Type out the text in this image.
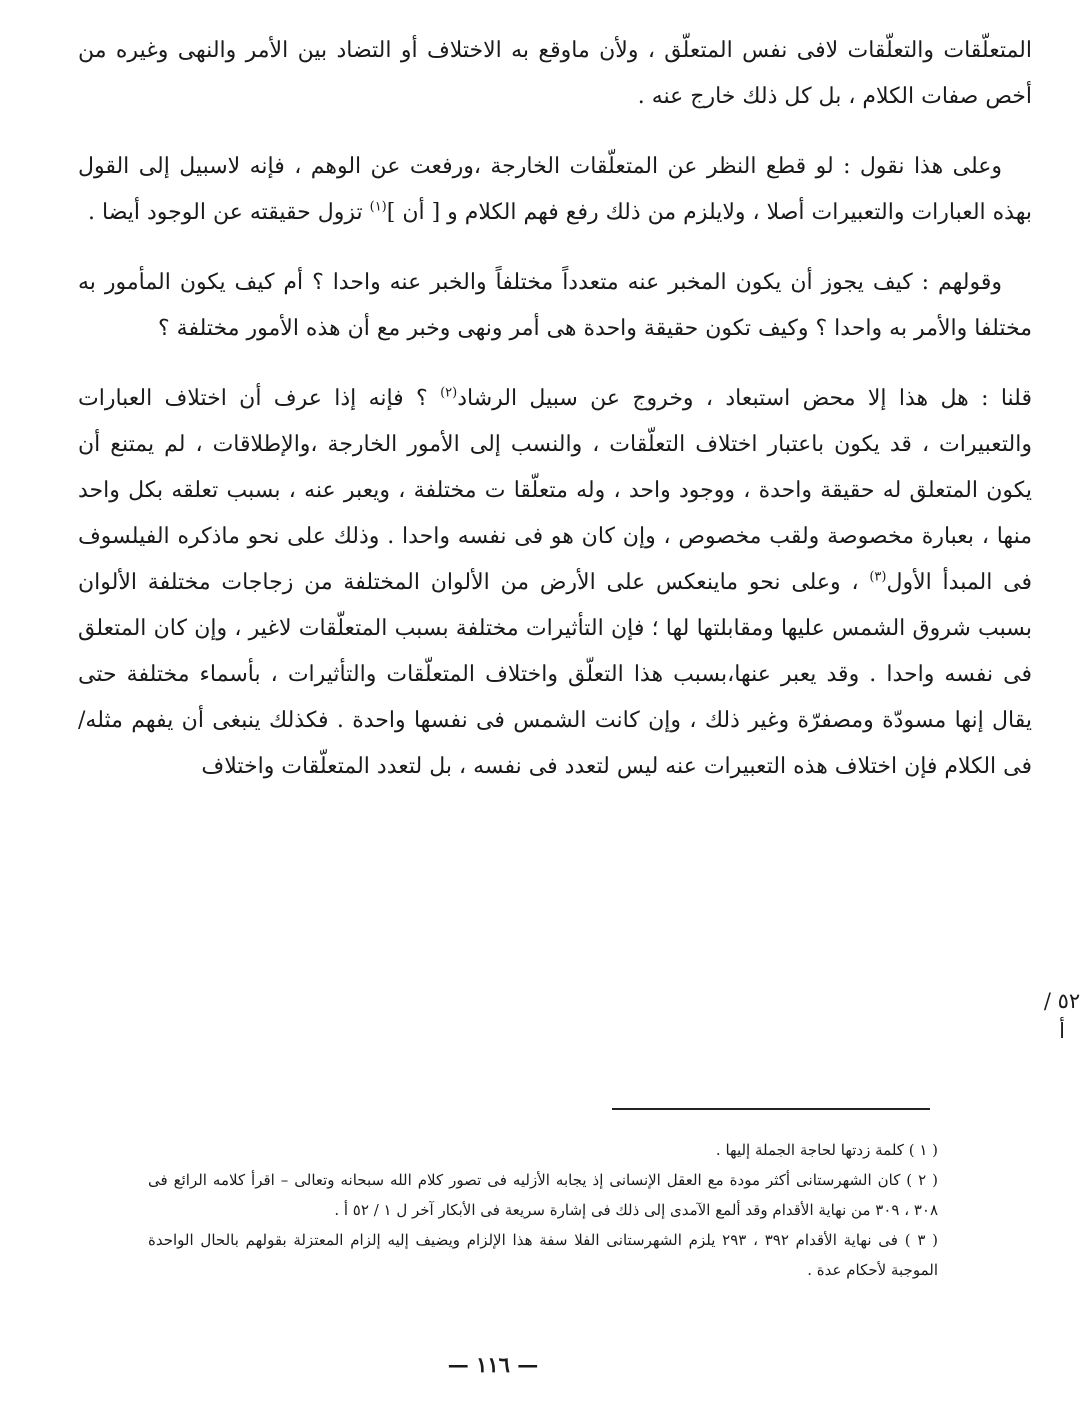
المتعلّقات والتعلّقات لافى نفس المتعلّق ، ولأن ماوقع به الاختلاف أو التضاد بين الأمر والنهى وغيره من أخص صفات الكلام ، بل كل ذلك خارج عنه .

وعلى هذا نقول : لو قطع النظر عن المتعلّقات الخارجة ،ورفعت عن الوهم ، فإنه لاسبيل إلى القول بهذه العبارات والتعبيرات أصلا ، ولايلزم من ذلك رفع فهم الكلام و [ أن ]$^{(١)}$ تزول حقيقته عن الوجود أيضا .

وقولهم : كيف يجوز أن يكون المخبر عنه متعدداً مختلفاً والخبر عنه واحدا ؟ أم كيف يكون المأمور به مختلفا والأمر به واحدا ؟ وكيف تكون حقيقة واحدة هى أمر ونهى وخبر مع أن هذه الأمور مختلفة ؟

قلنا : هل هذا إلا محض استبعاد ، وخروج عن سبيل الرشاد$^{(٢)}$ ؟ فإنه إذا عرف أن اختلاف العبارات والتعبيرات ، قد يكون باعتبار اختلاف التعلّقات ، والنسب إلى الأمور الخارجة ،والإطلاقات ، لم يمتنع أن يكون المتعلق له حقيقة واحدة ، ووجود واحد ، وله متعلّقا ت مختلفة ، ويعبر عنه ، بسبب تعلقه بكل واحد منها ، بعبارة مخصوصة ولقب مخصوص ، وإن كان هو فى نفسه واحدا . وذلك على نحو ماذكره الفيلسوف فى المبدأ الأول$^{(٣)}$ ، وعلى نحو ماينعكس على الأرض من الألوان المختلفة من زجاجات مختلفة الألوان بسبب شروق الشمس عليها ومقابلتها لها ؛ فإن التأثيرات مختلفة بسبب المتعلّقات لاغير ، وإن كان المتعلق فى نفسه واحدا . وقد يعبر عنها،بسبب هذا التعلّق واختلاف المتعلّقات والتأثيرات ، بأسماء مختلفة حتى يقال إنها مسودّة ومصفرّة وغير ذلك ، وإن كانت الشمس فى نفسها واحدة . فكذلك ينبغى أن يفهم مثله/فى الكلام فإن اختلاف هذه التعبيرات عنه ليس لتعدد فى نفسه ، بل لتعدد المتعلّقات واختلاف

٥٢ / أ

( ١ ) كلمة زدتها لحاجة الجملة إليها .

( ٢ ) كان الشهرستانى أكثر مودة مع العقل الإنسانى إذ يجابه الأزليه فى تصور كلام الله سبحانه وتعالى – اقرأ كلامه الرائع فى ٣٠٨ ، ٣٠٩ من نهاية الأقدام وقد ألمع الآمدى إلى ذلك فى إشارة سريعة فى الأبكار آخر ل ١ / ٥٢ أ .

( ٣ ) فى نهاية الأقدام ٣٩٢ ، ٢٩٣ يلزم الشهرستانى الفلا سفة هذا الإلزام ويضيف إليه إلزام المعتزلة بقولهم بالحال الواحدة الموجبة لأحكام عدة .

— ١١٦ —
